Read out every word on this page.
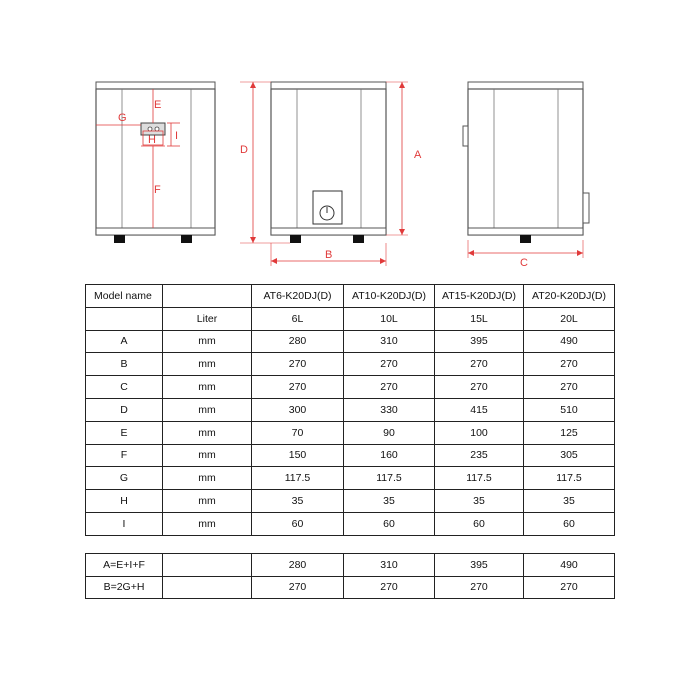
E
G
H I
F
D	A
B
C
Model name		AT6-K20DJ(D)	AT10-K20DJ(D)	AT15-K20DJ(D)	AT20-K20DJ(D)
	Liter	6L	10L	15L	20L
A	mm	280	310	395	490
B	mm	270	270	270	270
C	mm	270	270	270	270
D	mm	300	330	415	510
E	mm	70	90	100	125
F	mm	150	160	235	305
G	mm	117.5	117.5	117.5	117.5
H	mm	35	35	35	35
I	mm	60	60	60	60
A=E+I+F		280	310	395	490
B=2G+H		270	270	270	270
